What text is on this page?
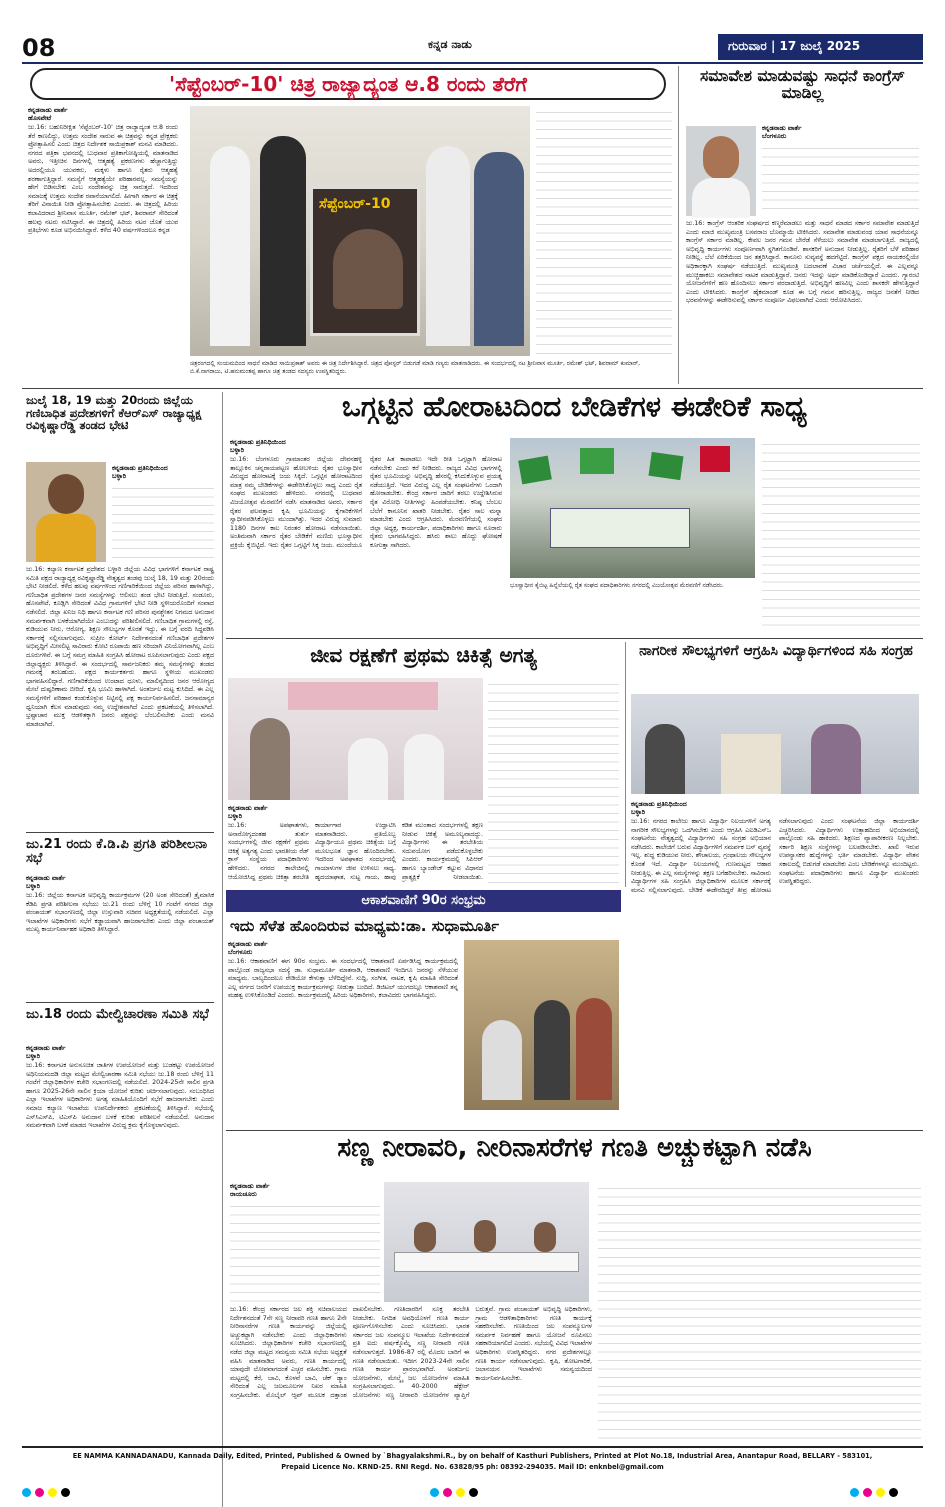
08	ಕನ್ನಡ ನಾಡು	ಗುರುವಾರ | 17 ಜುಲೈ 2025
'ಸೆಪ್ಟೆಂಬರ್-10' ಚಿತ್ರ ರಾಜ್ಯಾದ್ಯಂತ ಆ.8 ರಂದು ತೆರೆಗೆ
ಕನ್ನಡನಾಡು ವಾರ್ತೆ
ಹೊಸಪೇಟೆ
ಜು.16: ಬಹುನಿರೀಕ್ಷಿತ 'ಸೆಪ್ಟೆಂಬರ್-10' ಚಿತ್ರ ರಾಜ್ಯಾದ್ಯಂತ ಆ.8 ರಂದು ತೆರೆ ಕಾಣಲಿದ್ದು, ಉತ್ತಮ ಸಂದೇಶ ಸಾರುವ ಈ ಚಿತ್ರವನ್ನು ಕನ್ನಡ ಪ್ರೇಕ್ಷಕರು ಪ್ರೋತ್ಸಾಹಿಸಲಿ ಎಂದು ಚಿತ್ರದ ನಿರ್ದೇಶಕ ಸಾಯಿಪ್ರಕಾಶ್ ಮನವಿ ಮಾಡಿದರು. ನಗರದ ಪತ್ರಿಕಾ ಭವನದಲ್ಲಿ ಬುಧವಾರ ಪ್ರತಿಕಾಗೋಷ್ಠಿಯಲ್ಲಿ ಮಾತನಾಡಿದ ಅವರು, ಇತ್ತೀಚಿನ ದಿನಗಳಲ್ಲಿ ಆತ್ಮಹತ್ಯೆ ಪ್ರಕರಣಗಳು ಹೆಚ್ಚಾಗುತ್ತಿದ್ದು ಅದರಲ್ಲಿಯೂ ಯುವಕರು, ಮಕ್ಕಳು ಹಾಗೂ ರೈತರು ಆತ್ಮಹತ್ಯೆ ಶರಣಾಗುತ್ತಿದ್ದಾರೆ. ಸಮಸ್ಯೆಗೆ ಆತ್ಮಹತ್ಯೆಯೇ ಪರಿಹಾರವಲ್ಲ. ಸಮಸ್ಯೆಯನ್ನು ಹೇಗೆ ಬಿಡಿಸಬೇಕು ಎಂಬ ಸಂದೇಶವನ್ನು ಚಿತ್ರ ಸಾರುತ್ತದೆ. ಇದರಿಂದ ಸಮಾಜಕ್ಕೆ ಉತ್ತಮ ಸಂದೇಶ ರವಾನೆಯಾಗಲಿದೆ. ಹೀಗಾಗಿ ಸರ್ಕಾರ ಈ ಚಿತ್ರಕ್ಕೆ ತೆರಿಗೆ ವಿನಾಯಿತಿ ನೀಡಿ ಪ್ರೋತ್ಸಾಹಿಸಬೇಕು ಎಂದರು. ಈ ಚಿತ್ರದಲ್ಲಿ ಹಿರಿಯ ಕಲಾವಿದರಾದ ಶ್ರೀನಿವಾಸ ಮೂರ್ತಿ, ರಮೇಶ್ ಭಟ್, ಶಿವರಾಮ್ ಸೇರಿದಂತೆ ಹಲವು ನಟರು ನಟಿಸಿದ್ದಾರೆ. ಈ ಚಿತ್ರದಲ್ಲಿ ಹಿರಿಯ ನಟರ ಜೊತೆ ಯುವ ಪ್ರತಿಭೆಗಳು ಕೂಡ ಅಭಿನಯಿಸಿದ್ದಾರೆ. ಕಳೆದ 40 ವರ್ಷಗಳಿಂದಲೂ ಕನ್ನಡ
ಸೆಪ್ಟೆಂಬರ್-10
ಚಿತ್ರರಂಗದಲ್ಲಿ ಸಂಯಮದಿಂದ ಸಾಧನೆ ಮಾಡಿದ ಸಾಯಿಪ್ರಕಾಶ್ ಅವರು ಈ ಚಿತ್ರ ನಿರ್ದೇಶಿಸಿದ್ದಾರೆ. ಚಿತ್ರದ ಪೋಸ್ಟರ್ ಬಿಡುಗಡೆ ಮಾಡಿ ಗಣ್ಯರು ಮಾತನಾಡಿದರು. ಈ ಸಂದರ್ಭದಲ್ಲಿ ನಟ ಶ್ರೀನಿವಾಸ ಮೂರ್ತಿ, ರಮೇಶ್ ಭಟ್, ಶಿವರಾಮ್ ಕುಮಾರ್, ಬಿ.ಕೆ.ನಾಗರಾಜು, ಟಿ.ಹನುಮಂತಪ್ಪ ಹಾಗೂ ಚಿತ್ರ ತಂಡದ ಸದಸ್ಯರು ಉಪಸ್ಥಿತರಿದ್ದರು.
ಸಮಾವೇಶ ಮಾಡುವಷ್ಟು ಸಾಧನೆ ಕಾಂಗ್ರೆಸ್ ಮಾಡಿಲ್ಲ
ಕನ್ನಡನಾಡು ವಾರ್ತೆ
ಬೆಂಗಳೂರು
ಜು.16: ಕಾಂಗ್ರೆಸ್ ಆಂತರಿಕ ಸಂಘರ್ಷದ ಕಣ್ಮರೆಮಾಡಲು ಮತ್ತು ಸಾಧನೆ ಮಾಡದ ಸರ್ಕಾರ ಸಮಾವೇಶ ಮಾಡುತ್ತಿದೆ ಎಂದು ಮಾಜಿ ಮುಖ್ಯಮಂತ್ರಿ ಬಸವರಾಜ ಬೊಮ್ಮಾಯಿ ಟೀಕಿಸಿದರು. ಸಮಾವೇಶ ಮಾಡುವಂಥ ಯಾವ ಸಾಧನೆಯನ್ನೂ ಕಾಂಗ್ರೆಸ್ ಸರ್ಕಾರ ಮಾಡಿಲ್ಲ. ಕೇವಲ ಜನರ ಗಮನ ಬೇರೆಡೆ ಸೆಳೆಯಲು ಸಮಾವೇಶ ಮಾಡಲಾಗುತ್ತಿದೆ. ರಾಜ್ಯದಲ್ಲಿ ಅಭಿವೃದ್ಧಿ ಕಾರ್ಯಗಳು ಸಂಪೂರ್ಣವಾಗಿ ಸ್ಥಗಿತಗೊಂಡಿವೆ. ಶಾಸಕರಿಗೆ ಅನುದಾನ ನೀಡುತ್ತಿಲ್ಲ. ರೈತರಿಗೆ ಬೆಳೆ ಪರಿಹಾರ ನೀಡಿಲ್ಲ. ಬೆಲೆ ಏರಿಕೆಯಿಂದ ಜನ ತತ್ತರಿಸಿದ್ದಾರೆ. ಕಾನೂನು ಸುವ್ಯವಸ್ಥೆ ಹದಗೆಟ್ಟಿದೆ. ಕಾಂಗ್ರೆಸ್ ಪಕ್ಷದ ನಾಯಕರಲ್ಲಿಯೇ ಅಧಿಕಾರಕ್ಕಾಗಿ ಸಂಘರ್ಷ ನಡೆಯುತ್ತಿದೆ. ಮುಖ್ಯಮಂತ್ರಿ ಬದಲಾವಣೆ ವಿಚಾರ ಚರ್ಚೆಯಲ್ಲಿದೆ. ಈ ಎಲ್ಲವನ್ನೂ ಮುಚ್ಚಿಹಾಕಲು ಸಮಾವೇಶದ ನಾಟಕ ಮಾಡುತ್ತಿದ್ದಾರೆ. ಜನರು ಇದನ್ನು ಅರ್ಥ ಮಾಡಿಕೊಂಡಿದ್ದಾರೆ ಎಂದರು. ಗ್ಯಾರಂಟಿ ಯೋಜನೆಗಳಿಗೆ ಹಣ ಹೊಂದಿಸಲು ಸರ್ಕಾರ ಪರದಾಡುತ್ತಿದೆ. ಅಭಿವೃದ್ಧಿಗೆ ಹಣವಿಲ್ಲ ಎಂದು ಶಾಸಕರೇ ಹೇಳುತ್ತಿದ್ದಾರೆ ಎಂದು ಟೀಕಿಸಿದರು. ಕಾಂಗ್ರೆಸ್ ಹೈಕಮಾಂಡ್ ಕೂಡ ಈ ಬಗ್ಗೆ ಗಮನ ಹರಿಸುತ್ತಿಲ್ಲ. ರಾಜ್ಯದ ಜನತೆಗೆ ನೀಡಿದ ಭರವಸೆಗಳನ್ನು ಈಡೇರಿಸುವಲ್ಲಿ ಸರ್ಕಾರ ಸಂಪೂರ್ಣ ವಿಫಲವಾಗಿದೆ ಎಂದು ಆರೋಪಿಸಿದರು.
ಜುಲೈ 18, 19 ಮತ್ತು 20ರಂದು ಜಿಲ್ಲೆಯ ಗಣಿಬಾಧಿತ ಪ್ರದೇಶಗಳಿಗೆ ಕೆಆರ್‌ಎಸ್ ರಾಜ್ಯಾಧ್ಯಕ್ಷ ರವಿಕೃಷ್ಣಾರೆಡ್ಡಿ ತಂಡದ ಭೇಟಿ
ಕನ್ನಡನಾಡು ಪ್ರತಿನಿಧಿಯಿಂದ
ಬಳ್ಳಾರಿ
ಜು.16: ಕಲ್ಯಾಣ ಕರ್ನಾಟಕ ಪ್ರದೇಶದ ಬಳ್ಳಾರಿ ಜಿಲ್ಲೆಯ ವಿವಿಧ ಭಾಗಗಳಿಗೆ ಕರ್ನಾಟಕ ರಾಷ್ಟ್ರ ಸಮಿತಿ ಪಕ್ಷದ ರಾಜ್ಯಾಧ್ಯಕ್ಷ ರವಿಕೃಷ್ಣಾರೆಡ್ಡಿ ನೇತೃತ್ವದ ತಂಡವು ಜುಲೈ 18, 19 ಮತ್ತು 20ರಂದು ಭೇಟಿ ನೀಡಲಿದೆ. ಕಳೆದ ಹಲವು ವರ್ಷಗಳಿಂದ ಗಣಿಗಾರಿಕೆಯಿಂದ ಜಿಲ್ಲೆಯ ಪರಿಸರ ಹಾಳಾಗಿದ್ದು, ಗಣಿಬಾಧಿತ ಪ್ರದೇಶಗಳ ಜನರ ಸಮಸ್ಯೆಗಳನ್ನು ಆಲಿಸಲು ತಂಡ ಭೇಟಿ ನೀಡುತ್ತಿದೆ. ಸಂಡೂರು, ಹೊಸಪೇಟೆ, ಕೂಡ್ಲಿಗಿ ಸೇರಿದಂತೆ ವಿವಿಧ ಗ್ರಾಮಗಳಿಗೆ ಭೇಟಿ ನೀಡಿ ಸ್ಥಳೀಯರೊಂದಿಗೆ ಸಂವಾದ ನಡೆಸಲಿದೆ. ಜಿಲ್ಲಾ ಖನಿಜ ನಿಧಿ ಹಾಗೂ ಕರ್ನಾಟಕ ಗಣಿ ಪರಿಸರ ಪುನಶ್ಚೇತನ ನಿಗಮದ ಅನುದಾನ ಸಮರ್ಪಕವಾಗಿ ಬಳಕೆಯಾಗಿದೆಯೇ ಎಂಬುದನ್ನು ಪರಿಶೀಲಿಸಲಿದೆ. ಗಣಿಬಾಧಿತ ಗ್ರಾಮಗಳಲ್ಲಿ ರಸ್ತೆ, ಕುಡಿಯುವ ನೀರು, ಆರೋಗ್ಯ, ಶಿಕ್ಷಣ ಸೌಲಭ್ಯಗಳ ಕೊರತೆ ಇದ್ದು, ಈ ಬಗ್ಗೆ ವರದಿ ಸಿದ್ಧಪಡಿಸಿ ಸರ್ಕಾರಕ್ಕೆ ಸಲ್ಲಿಸಲಾಗುವುದು. ಸುಪ್ರೀಂ ಕೋರ್ಟ್ ನಿರ್ದೇಶನದಂತೆ ಗಣಿಬಾಧಿತ ಪ್ರದೇಶಗಳ ಅಭಿವೃದ್ಧಿಗೆ ಮೀಸಲಿಟ್ಟ ಸಾವಿರಾರು ಕೋಟಿ ರೂಪಾಯಿ ಹಣ ಸರಿಯಾಗಿ ವಿನಿಯೋಗವಾಗಿಲ್ಲ ಎಂಬ ದೂರುಗಳಿವೆ. ಈ ಬಗ್ಗೆ ಸಮಗ್ರ ಮಾಹಿತಿ ಸಂಗ್ರಹಿಸಿ ಹೋರಾಟ ರೂಪಿಸಲಾಗುವುದು ಎಂದು ಪಕ್ಷದ ಜಿಲ್ಲಾಧ್ಯಕ್ಷರು ತಿಳಿಸಿದ್ದಾರೆ. ಈ ಸಂದರ್ಭದಲ್ಲಿ ಸಾರ್ವಜನಿಕರು ತಮ್ಮ ಸಮಸ್ಯೆಗಳನ್ನು ತಂಡದ ಗಮನಕ್ಕೆ ತರಬಹುದು. ಪಕ್ಷದ ಕಾರ್ಯಕರ್ತರು ಹಾಗೂ ಸ್ಥಳೀಯ ಮುಖಂಡರು ಭಾಗವಹಿಸಲಿದ್ದಾರೆ. ಗಣಿಗಾರಿಕೆಯಿಂದ ಉಂಟಾದ ಧೂಳು, ಮಾಲಿನ್ಯದಿಂದ ಜನರ ಆರೋಗ್ಯದ ಮೇಲೆ ದುಷ್ಪರಿಣಾಮ ಬೀರಿದೆ. ಕೃಷಿ ಭೂಮಿ ಹಾಳಾಗಿದೆ. ಅಂತರ್ಜಲ ಮಟ್ಟ ಕುಸಿದಿದೆ. ಈ ಎಲ್ಲ ಸಮಸ್ಯೆಗಳಿಗೆ ಪರಿಹಾರ ಕಂಡುಕೊಳ್ಳುವ ನಿಟ್ಟಿನಲ್ಲಿ ಪಕ್ಷ ಕಾರ್ಯನಿರ್ವಹಿಸಲಿದೆ. ಜನಸಾಮಾನ್ಯರ ಧ್ವನಿಯಾಗಿ ಕೆಲಸ ಮಾಡುವುದು ನಮ್ಮ ಉದ್ದೇಶವಾಗಿದೆ ಎಂದು ಪ್ರಕಟಣೆಯಲ್ಲಿ ತಿಳಿಸಲಾಗಿದೆ. ಭ್ರಷ್ಟಾಚಾರ ಮುಕ್ತ ಆಡಳಿತಕ್ಕಾಗಿ ಜನರು ಪಕ್ಷವನ್ನು ಬೆಂಬಲಿಸಬೇಕು ಎಂದು ಮನವಿ ಮಾಡಲಾಗಿದೆ.
ಒಗ್ಗಟ್ಟಿನ ಹೋರಾಟದಿಂದ ಬೇಡಿಕೆಗಳ ಈಡೇರಿಕೆ ಸಾಧ್ಯ
ಕನ್ನಡನಾಡು ಪ್ರತಿನಿಧಿಯಿಂದ
ಬಳ್ಳಾರಿ
ಜು.16: ಬೆಂಗಳೂರು ಗ್ರಾಮಾಂತರ ಜಿಲ್ಲೆಯ ದೇವನಹಳ್ಳಿ ತಾಲ್ಲೂಕಿನ ಚನ್ನರಾಯಪಟ್ಟಣ ಹೋಬಳಿಯ ರೈತರ ಭೂಸ್ವಾಧೀನ ವಿರುದ್ಧದ ಹೋರಾಟಕ್ಕೆ ಜಯ ಸಿಕ್ಕಿದೆ. ಒಗ್ಗಟ್ಟಿನ ಹೋರಾಟದಿಂದ ಮಾತ್ರ ನಮ್ಮ ಬೇಡಿಕೆಗಳನ್ನು ಈಡೇರಿಸಿಕೊಳ್ಳಲು ಸಾಧ್ಯ ಎಂದು ರೈತ ಸಂಘದ ಮುಖಂಡರು ಹೇಳಿದರು. ನಗರದಲ್ಲಿ ಬುಧವಾರ ವಿಜಯೋತ್ಸವ ಮೆರವಣಿಗೆ ನಡೆಸಿ ಮಾತನಾಡಿದ ಅವರು, ಸರ್ಕಾರ ರೈತರ ಫಲವತ್ತಾದ ಕೃಷಿ ಭೂಮಿಯನ್ನು ಕೈಗಾರಿಕೆಗಳಿಗೆ ಸ್ವಾಧೀನಪಡಿಸಿಕೊಳ್ಳಲು ಮುಂದಾಗಿತ್ತು. ಇದರ ವಿರುದ್ಧ ಸುಮಾರು 1180 ದಿನಗಳ ಕಾಲ ನಿರಂತರ ಹೋರಾಟ ನಡೆಸಲಾಯಿತು. ಅಂತಿಮವಾಗಿ ಸರ್ಕಾರ ರೈತರ ಬೇಡಿಕೆಗೆ ಮಣಿದು ಭೂಸ್ವಾಧೀನ ಪ್ರಕ್ರಿಯೆ ಕೈಬಿಟ್ಟಿದೆ. ಇದು ರೈತರ ಒಗ್ಗಟ್ಟಿಗೆ ಸಿಕ್ಕ ಜಯ. ಮುಂದೆಯೂ ರೈತರ ಹಿತ ಕಾಪಾಡಲು ಇದೇ ರೀತಿ ಒಗ್ಗಟ್ಟಾಗಿ ಹೋರಾಟ ನಡೆಸಬೇಕು ಎಂದು ಕರೆ ನೀಡಿದರು. ರಾಜ್ಯದ ವಿವಿಧ ಭಾಗಗಳಲ್ಲಿ ರೈತರ ಭೂಮಿಯನ್ನು ಅಭಿವೃದ್ಧಿ ಹೆಸರಲ್ಲಿ ಕಸಿದುಕೊಳ್ಳುವ ಪ್ರಯತ್ನ ನಡೆಯುತ್ತಿದೆ. ಇದರ ವಿರುದ್ಧ ಎಲ್ಲ ರೈತ ಸಂಘಟನೆಗಳು ಒಂದಾಗಿ ಹೋರಾಡಬೇಕು. ಕೇಂದ್ರ ಸರ್ಕಾರ ಜಾರಿಗೆ ತರಲು ಉದ್ದೇಶಿಸಿರುವ ರೈತ ವಿರೋಧಿ ನೀತಿಗಳನ್ನು ಹಿಂಪಡೆಯಬೇಕು. ಕನಿಷ್ಠ ಬೆಂಬಲ ಬೆಲೆಗೆ ಕಾನೂನಿನ ಖಾತರಿ ನೀಡಬೇಕು. ರೈತರ ಸಾಲ ಮನ್ನಾ ಮಾಡಬೇಕು ಎಂದು ಆಗ್ರಹಿಸಿದರು. ಮೆರವಣಿಗೆಯಲ್ಲಿ ಸಂಘದ ಜಿಲ್ಲಾ ಅಧ್ಯಕ್ಷ, ಕಾರ್ಯದರ್ಶಿ, ಪದಾಧಿಕಾರಿಗಳು ಹಾಗೂ ನೂರಾರು ರೈತರು ಭಾಗವಹಿಸಿದ್ದರು. ಹಸಿರು ಶಾಲು ಹೊದ್ದು ಘೋಷಣೆ ಕೂಗುತ್ತಾ ಸಾಗಿದರು.
ಭೂಸ್ವಾಧೀನ ಕೈಬಿಟ್ಟ ಹಿನ್ನೆಲೆಯಲ್ಲಿ ರೈತ ಸಂಘದ ಪದಾಧಿಕಾರಿಗಳು ನಗರದಲ್ಲಿ ವಿಜಯೋತ್ಸವ ಮೆರವಣಿಗೆ ನಡೆಸಿದರು.
ಜೀವ ರಕ್ಷಣೆಗೆ ಪ್ರಥಮ ಚಿಕಿತ್ಸೆ ಅಗತ್ಯ
ಕನ್ನಡನಾಡು ವಾರ್ತೆ
ಬಳ್ಳಾರಿ
ಜು.16: ಅಪಘಾತಗಳು, ಅನಾರೋಗ್ಯದಂತಹ ತುರ್ತು ಸಂದರ್ಭಗಳಲ್ಲಿ ಜೀವ ರಕ್ಷಣೆಗೆ ಪ್ರಥಮ ಚಿಕಿತ್ಸೆ ಅತ್ಯಗತ್ಯ ಎಂದು ಭಾರತೀಯ ರೆಡ್ ಕ್ರಾಸ್ ಸಂಸ್ಥೆಯ ಪದಾಧಿಕಾರಿಗಳು ಹೇಳಿದರು. ನಗರದ ಕಾಲೇಜಿನಲ್ಲಿ ಆಯೋಜಿಸಿದ್ದ ಪ್ರಥಮ ಚಿಕಿತ್ಸಾ ತರಬೇತಿ ಕಾರ್ಯಾಗಾರ ಉದ್ಘಾಟಿಸಿ ಮಾತನಾಡಿದರು. ಪ್ರತಿಯೊಬ್ಬ ವಿದ್ಯಾರ್ಥಿಯೂ ಪ್ರಥಮ ಚಿಕಿತ್ಸೆಯ ಬಗ್ಗೆ ಮೂಲಭೂತ ಜ್ಞಾನ ಹೊಂದಿರಬೇಕು. ಇದರಿಂದ ಅಪಘಾತದ ಸಂದರ್ಭದಲ್ಲಿ ಗಾಯಾಳುಗಳ ಜೀವ ಉಳಿಸಲು ಸಾಧ್ಯ. ಹೃದಯಾಘಾತ, ಸುಟ್ಟ ಗಾಯ, ಹಾವು ಕಡಿತ ಮುಂತಾದ ಸಂದರ್ಭಗಳಲ್ಲಿ ತಕ್ಷಣ ನೀಡುವ ಚಿಕಿತ್ಸೆ ಅಮೂಲ್ಯವಾದದ್ದು. ವಿದ್ಯಾರ್ಥಿಗಳು ಈ ತರಬೇತಿಯ ಸದುಪಯೋಗ ಪಡೆದುಕೊಳ್ಳಬೇಕು ಎಂದರು. ಕಾರ್ಯಕ್ರಮದಲ್ಲಿ ಸಿಪಿಆರ್ ಹಾಗೂ ಬ್ಯಾಂಡೇಜ್ ಕಟ್ಟುವ ವಿಧಾನದ ಪ್ರಾತ್ಯಕ್ಷಿಕೆ ನೀಡಲಾಯಿತು.
ಆಕಾಶವಾಣಿಗೆ 90ರ ಸಂಭ್ರಮ
ಇದು ಸೆಳೆತ ಹೊಂದಿರುವ ಮಾಧ್ಯಮ:ಡಾ. ಸುಧಾಮೂರ್ತಿ
ಕನ್ನಡನಾಡು ವಾರ್ತೆ
ಬೆಂಗಳೂರು
ಜು.16: ಆಕಾಶವಾಣಿಗೆ ಈಗ 90ರ ಸಂಭ್ರಮ. ಈ ಸಂದರ್ಭದಲ್ಲಿ ಆಕಾಶವಾಣಿ ಏರ್ಪಡಿಸಿದ್ದ ಕಾರ್ಯಕ್ರಮದಲ್ಲಿ ಪಾಲ್ಗೊಂಡ ರಾಜ್ಯಸಭಾ ಸದಸ್ಯೆ ಡಾ. ಸುಧಾಮೂರ್ತಿ ಮಾತನಾಡಿ, ಆಕಾಶವಾಣಿ ಇಂದಿಗೂ ಜನರನ್ನು ಸೆಳೆಯುವ ಮಾಧ್ಯಮ. ಬಾಲ್ಯದಿಂದಲೂ ರೇಡಿಯೋ ಕೇಳುತ್ತಾ ಬೆಳೆದಿದ್ದೇನೆ. ಸುದ್ದಿ, ಸಂಗೀತ, ನಾಟಕ, ಕೃಷಿ ಮಾಹಿತಿ ಸೇರಿದಂತೆ ಎಲ್ಲ ವರ್ಗದ ಜನರಿಗೆ ಉಪಯುಕ್ತ ಕಾರ್ಯಕ್ರಮಗಳನ್ನು ನೀಡುತ್ತಾ ಬಂದಿದೆ. ಡಿಜಿಟಲ್ ಯುಗದಲ್ಲೂ ಆಕಾಶವಾಣಿ ತನ್ನ ಮಹತ್ವ ಉಳಿಸಿಕೊಂಡಿದೆ ಎಂದರು. ಕಾರ್ಯಕ್ರಮದಲ್ಲಿ ಹಿರಿಯ ಅಧಿಕಾರಿಗಳು, ಕಲಾವಿದರು ಭಾಗವಹಿಸಿದ್ದರು.
ನಾಗರೀಕ ಸೌಲಭ್ಯಗಳಿಗೆ ಆಗ್ರಹಿಸಿ ವಿದ್ಯಾರ್ಥಿಗಳಿಂದ ಸಹಿ ಸಂಗ್ರಹ
ಕನ್ನಡನಾಡು ಪ್ರತಿನಿಧಿಯಿಂದ
ಬಳ್ಳಾರಿ
ಜು.16: ನಗರದ ಕಾಲೇಜು ಹಾಗೂ ವಿದ್ಯಾರ್ಥಿ ನಿಲಯಗಳಿಗೆ ಅಗತ್ಯ ನಾಗರೀಕ ಸೌಲಭ್ಯಗಳನ್ನು ಒದಗಿಸಬೇಕು ಎಂದು ಆಗ್ರಹಿಸಿ ಎಐಡಿಎಸ್‌ಒ ಸಂಘಟನೆಯ ನೇತೃತ್ವದಲ್ಲಿ ವಿದ್ಯಾರ್ಥಿಗಳು ಸಹಿ ಸಂಗ್ರಹ ಅಭಿಯಾನ ನಡೆಸಿದರು. ಕಾಲೇಜಿಗೆ ಬರುವ ವಿದ್ಯಾರ್ಥಿಗಳಿಗೆ ಸಮರ್ಪಕ ಬಸ್ ವ್ಯವಸ್ಥೆ ಇಲ್ಲ. ಶುದ್ಧ ಕುಡಿಯುವ ನೀರು, ಶೌಚಾಲಯ, ಗ್ರಂಥಾಲಯ ಸೌಲಭ್ಯಗಳ ಕೊರತೆ ಇದೆ. ವಿದ್ಯಾರ್ಥಿ ನಿಲಯಗಳಲ್ಲಿ ಗುಣಮಟ್ಟದ ಆಹಾರ ನೀಡುತ್ತಿಲ್ಲ. ಈ ಎಲ್ಲ ಸಮಸ್ಯೆಗಳನ್ನು ತಕ್ಷಣ ಬಗೆಹರಿಸಬೇಕು. ಸಾವಿರಾರು ವಿದ್ಯಾರ್ಥಿಗಳ ಸಹಿ ಸಂಗ್ರಹಿಸಿ ಜಿಲ್ಲಾಧಿಕಾರಿಗಳ ಮೂಲಕ ಸರ್ಕಾರಕ್ಕೆ ಮನವಿ ಸಲ್ಲಿಸಲಾಗುವುದು. ಬೇಡಿಕೆ ಈಡೇರದಿದ್ದರೆ ತೀವ್ರ ಹೋರಾಟ ನಡೆಸಲಾಗುವುದು ಎಂದು ಸಂಘಟನೆಯ ಜಿಲ್ಲಾ ಕಾರ್ಯದರ್ಶಿ ಎಚ್ಚರಿಸಿದರು. ವಿದ್ಯಾರ್ಥಿಗಳು ಉತ್ಸಾಹದಿಂದ ಅಭಿಯಾನದಲ್ಲಿ ಪಾಲ್ಗೊಂಡು ಸಹಿ ಹಾಕಿದರು. ಶಿಕ್ಷಣದ ವ್ಯಾಪಾರೀಕರಣ ನಿಲ್ಲಬೇಕು. ಸರ್ಕಾರಿ ಶಿಕ್ಷಣ ಸಂಸ್ಥೆಗಳನ್ನು ಬಲಪಡಿಸಬೇಕು. ಖಾಲಿ ಇರುವ ಉಪನ್ಯಾಸಕರ ಹುದ್ದೆಗಳನ್ನು ಭರ್ತಿ ಮಾಡಬೇಕು. ವಿದ್ಯಾರ್ಥಿ ವೇತನ ಸಕಾಲದಲ್ಲಿ ಬಿಡುಗಡೆ ಮಾಡಬೇಕು ಎಂಬ ಬೇಡಿಕೆಗಳನ್ನೂ ಮುಂದಿಟ್ಟರು. ಸಂಘಟನೆಯ ಪದಾಧಿಕಾರಿಗಳು ಹಾಗೂ ವಿದ್ಯಾರ್ಥಿ ಮುಖಂಡರು ಉಪಸ್ಥಿತರಿದ್ದರು.
ಜು.21 ರಂದು ಕೆ.ಡಿ.ಪಿ ಪ್ರಗತಿ ಪರಿಶೀಲನಾ ಸಭೆ
ಕನ್ನಡನಾಡು ವಾರ್ತೆ
ಬಳ್ಳಾರಿ
ಜು.16: ಜಿಲ್ಲೆಯ ಕರ್ನಾಟಕ ಅಭಿವೃದ್ಧಿ ಕಾರ್ಯಕ್ರಮಗಳ (20 ಅಂಶ ಸೇರಿದಂತೆ) ತ್ರೈಮಾಸಿಕ ಕೆಡಿಪಿ ಪ್ರಗತಿ ಪರಿಶೀಲನಾ ಸಭೆಯು ಜು.21 ರಂದು ಬೆಳಿಗ್ಗೆ 10 ಗಂಟೆಗೆ ನಗರದ ಜಿಲ್ಲಾ ಪಂಚಾಯತ್ ಸಭಾಂಗಣದಲ್ಲಿ ಜಿಲ್ಲಾ ಉಸ್ತುವಾರಿ ಸಚಿವರ ಅಧ್ಯಕ್ಷತೆಯಲ್ಲಿ ನಡೆಯಲಿದೆ. ಎಲ್ಲಾ ಇಲಾಖೆಗಳ ಅಧಿಕಾರಿಗಳು ಸಭೆಗೆ ಕಡ್ಡಾಯವಾಗಿ ಹಾಜರಾಗಬೇಕು ಎಂದು ಜಿಲ್ಲಾ ಪಂಚಾಯತ್ ಮುಖ್ಯ ಕಾರ್ಯನಿರ್ವಾಹಕ ಅಧಿಕಾರಿ ತಿಳಿಸಿದ್ದಾರೆ.
ಜು.18 ರಂದು ಮೇಲ್ವಿಚಾರಣಾ ಸಮಿತಿ ಸಭೆ
ಕನ್ನಡನಾಡು ವಾರ್ತೆ
ಬಳ್ಳಾರಿ
ಜು.16: ಕರ್ನಾಟಕ ಅನುಸೂಚಿತ ಜಾತಿಗಳ ಉಪಯೋಜನೆ ಮತ್ತು ಬುಡಕಟ್ಟು ಉಪಯೋಜನೆ ಅಧಿನಿಯಮದಡಿ ಜಿಲ್ಲಾ ಮಟ್ಟದ ಮೇಲ್ವಿಚಾರಣಾ ಸಮಿತಿ ಸಭೆಯು ಜು.18 ರಂದು ಬೆಳಿಗ್ಗೆ 11 ಗಂಟೆಗೆ ಜಿಲ್ಲಾಧಿಕಾರಿಗಳ ಕಚೇರಿ ಸಭಾಂಗಣದಲ್ಲಿ ನಡೆಯಲಿದೆ. 2024-25ನೇ ಸಾಲಿನ ಪ್ರಗತಿ ಹಾಗೂ 2025-26ನೇ ಸಾಲಿನ ಕ್ರಿಯಾ ಯೋಜನೆ ಕುರಿತು ಚರ್ಚಿಸಲಾಗುವುದು. ಸಂಬಂಧಿಸಿದ ಎಲ್ಲಾ ಇಲಾಖೆಗಳ ಅಧಿಕಾರಿಗಳು ಅಗತ್ಯ ಮಾಹಿತಿಯೊಂದಿಗೆ ಸಭೆಗೆ ಹಾಜರಾಗಬೇಕು ಎಂದು ಸಮಾಜ ಕಲ್ಯಾಣ ಇಲಾಖೆಯ ಉಪನಿರ್ದೇಶಕರು ಪ್ರಕಟಣೆಯಲ್ಲಿ ತಿಳಿಸಿದ್ದಾರೆ. ಸಭೆಯಲ್ಲಿ ಎಸ್‌ಸಿಎಸ್‌ಪಿ, ಟಿಎಸ್‌ಪಿ ಅನುದಾನ ಬಳಕೆ ಕುರಿತು ಪರಿಶೀಲನೆ ನಡೆಯಲಿದೆ. ಅನುದಾನ ಸಮರ್ಪಕವಾಗಿ ಬಳಕೆ ಮಾಡದ ಇಲಾಖೆಗಳ ವಿರುದ್ಧ ಕ್ರಮ ಕೈಗೊಳ್ಳಲಾಗುವುದು.
ಸಣ್ಣ ನೀರಾವರಿ, ನೀರಿನಾಸರೆಗಳ ಗಣತಿ ಅಚ್ಚುಕಟ್ಟಾಗಿ ನಡೆಸಿ
ಕನ್ನಡನಾಡು ವಾರ್ತೆ
ರಾಯಚೂರು
ಜು.16: ಕೇಂದ್ರ ಸರ್ಕಾರದ ಜಲ ಶಕ್ತಿ ಸಚಿವಾಲಯದ ನಿರ್ದೇಶನದಂತೆ 7ನೇ ಸಣ್ಣ ನೀರಾವರಿ ಗಣತಿ ಹಾಗೂ 2ನೇ ನೀರಿನಾಸರೆಗಳ ಗಣತಿ ಕಾರ್ಯವನ್ನು ಜಿಲ್ಲೆಯಲ್ಲಿ ಅಚ್ಚುಕಟ್ಟಾಗಿ ನಡೆಸಬೇಕು ಎಂದು ಜಿಲ್ಲಾಧಿಕಾರಿಗಳು ಸೂಚಿಸಿದರು. ಜಿಲ್ಲಾಧಿಕಾರಿಗಳ ಕಚೇರಿ ಸಭಾಂಗಣದಲ್ಲಿ ನಡೆದ ಜಿಲ್ಲಾ ಮಟ್ಟದ ಸಮನ್ವಯ ಸಮಿತಿ ಸಭೆಯ ಅಧ್ಯಕ್ಷತೆ ವಹಿಸಿ ಮಾತನಾಡಿದ ಅವರು, ಗಣತಿ ಕಾರ್ಯದಲ್ಲಿ ಯಾವುದೇ ಲೋಪವಾಗದಂತೆ ಎಚ್ಚರ ವಹಿಸಬೇಕು. ಗ್ರಾಮ ಮಟ್ಟದಲ್ಲಿ ಕೆರೆ, ಬಾವಿ, ಕೊಳವೆ ಬಾವಿ, ಚೆಕ್ ಡ್ಯಾಂ ಸೇರಿದಂತೆ ಎಲ್ಲ ಜಲಮೂಲಗಳ ನಿಖರ ಮಾಹಿತಿ ಸಂಗ್ರಹಿಸಬೇಕು. ಮೊಬೈಲ್ ಆ್ಯಪ್ ಮೂಲಕ ದತ್ತಾಂಶ ದಾಖಲಿಸಬೇಕು. ಗಣತಿದಾರರಿಗೆ ಸೂಕ್ತ ತರಬೇತಿ ನೀಡಬೇಕು. ನಿಗದಿತ ಅವಧಿಯೊಳಗೆ ಗಣತಿ ಕಾರ್ಯ ಪೂರ್ಣಗೊಳಿಸಬೇಕು ಎಂದು ಸೂಚಿಸಿದರು. ಭಾರತ ಸರ್ಕಾರದ ಜಲ ಸಂಪನ್ಮೂಲ ಇಲಾಖೆಯ ನಿರ್ದೇಶನದಂತೆ ಪ್ರತಿ ಐದು ವರ್ಷಕ್ಕೊಮ್ಮೆ ಸಣ್ಣ ನೀರಾವರಿ ಗಣತಿ ನಡೆಸಲಾಗುತ್ತದೆ. 1986-87 ರಲ್ಲಿ ಮೊದಲ ಬಾರಿಗೆ ಈ ಗಣತಿ ನಡೆಸಲಾಯಿತು. ಇದೀಗ 2023-24ನೇ ಸಾಲಿನ ಗಣತಿ ಕಾರ್ಯ ಪ್ರಾರಂಭವಾಗಿದೆ. ಅಂತರ್ಜಲ ಯೋಜನೆಗಳು, ಮೇಲ್ಮೈ ಜಲ ಯೋಜನೆಗಳ ಮಾಹಿತಿ ಸಂಗ್ರಹಿಸಲಾಗುವುದು. 40-2000 ಹೆಕ್ಟೇರ್ ಯೋಜನೆಗಳು ಸಣ್ಣ ನೀರಾವರಿ ಯೋಜನೆಗಳ ವ್ಯಾಪ್ತಿಗೆ ಬರುತ್ತವೆ. ಗ್ರಾಮ ಪಂಚಾಯತ್ ಅಭಿವೃದ್ಧಿ ಅಧಿಕಾರಿಗಳು, ಗ್ರಾಮ ಆಡಳಿತಾಧಿಕಾರಿಗಳು ಗಣತಿ ಕಾರ್ಯಕ್ಕೆ ಸಹಕರಿಸಬೇಕು. ಗಣತಿಯಿಂದ ಜಲ ಸಂಪನ್ಮೂಲಗಳ ಸಮರ್ಪಕ ನಿರ್ವಹಣೆ ಹಾಗೂ ಯೋಜನೆ ರೂಪಿಸಲು ಸಹಕಾರಿಯಾಗಲಿದೆ ಎಂದರು. ಸಭೆಯಲ್ಲಿ ವಿವಿಧ ಇಲಾಖೆಗಳ ಅಧಿಕಾರಿಗಳು ಉಪಸ್ಥಿತರಿದ್ದರು. ನಗರ ಪ್ರದೇಶಗಳಲ್ಲೂ ಗಣತಿ ಕಾರ್ಯ ನಡೆಸಲಾಗುವುದು. ಕೃಷಿ, ತೋಟಗಾರಿಕೆ, ಜಲಾನಯನ ಇಲಾಖೆಗಳು ಸಮನ್ವಯದಿಂದ ಕಾರ್ಯನಿರ್ವಹಿಸಬೇಕು.
EE NAMMA KANNADANADU, Kannada Daily, Edited, Printed, Published & Owned by `Bhagyalakshmi.R., by on behalf of Kasthuri Publishers, Printed at Plot No.18, Industrial Area, Anantapur Road, BELLARY - 583101,
Prepaid Licence No. KRND-25. RNI Regd. No. 63828/95 ph: 08392-294035. Mail ID: enknbel@gmail.com
